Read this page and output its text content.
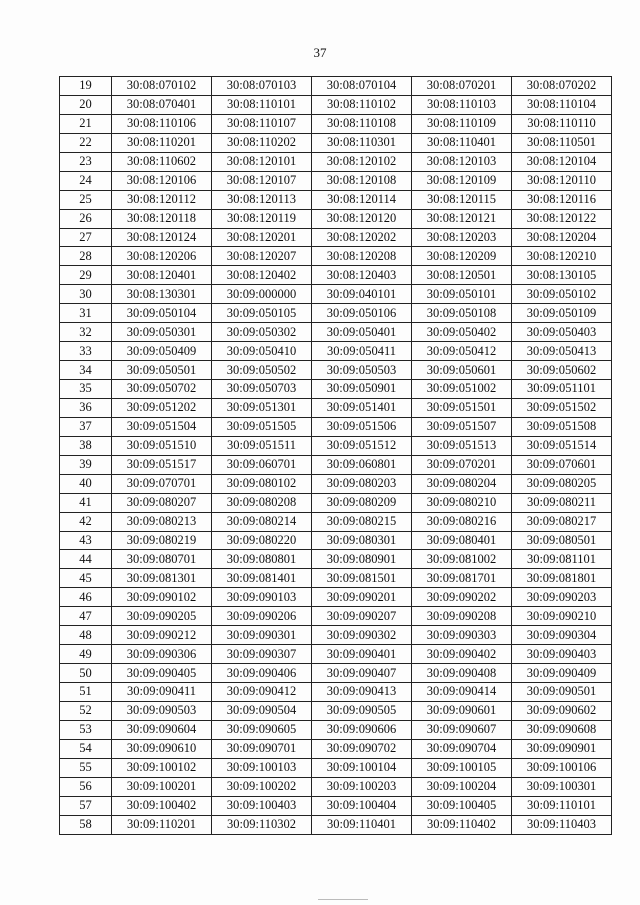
37
19	30:08:070102	30:08:070103	30:08:070104	30:08:070201	30:08:070202
20	30:08:070401	30:08:110101	30:08:110102	30:08:110103	30:08:110104
21	30:08:110106	30:08:110107	30:08:110108	30:08:110109	30:08:110110
22	30:08:110201	30:08:110202	30:08:110301	30:08:110401	30:08:110501
23	30:08:110602	30:08:120101	30:08:120102	30:08:120103	30:08:120104
24	30:08:120106	30:08:120107	30:08:120108	30:08:120109	30:08:120110
25	30:08:120112	30:08:120113	30:08:120114	30:08:120115	30:08:120116
26	30:08:120118	30:08:120119	30:08:120120	30:08:120121	30:08:120122
27	30:08:120124	30:08:120201	30:08:120202	30:08:120203	30:08:120204
28	30:08:120206	30:08:120207	30:08:120208	30:08:120209	30:08:120210
29	30:08:120401	30:08:120402	30:08:120403	30:08:120501	30:08:130105
30	30:08:130301	30:09:000000	30:09:040101	30:09:050101	30:09:050102
31	30:09:050104	30:09:050105	30:09:050106	30:09:050108	30:09:050109
32	30:09:050301	30:09:050302	30:09:050401	30:09:050402	30:09:050403
33	30:09:050409	30:09:050410	30:09:050411	30:09:050412	30:09:050413
34	30:09:050501	30:09:050502	30:09:050503	30:09:050601	30:09:050602
35	30:09:050702	30:09:050703	30:09:050901	30:09:051002	30:09:051101
36	30:09:051202	30:09:051301	30:09:051401	30:09:051501	30:09:051502
37	30:09:051504	30:09:051505	30:09:051506	30:09:051507	30:09:051508
38	30:09:051510	30:09:051511	30:09:051512	30:09:051513	30:09:051514
39	30:09:051517	30:09:060701	30:09:060801	30:09:070201	30:09:070601
40	30:09:070701	30:09:080102	30:09:080203	30:09:080204	30:09:080205
41	30:09:080207	30:09:080208	30:09:080209	30:09:080210	30:09:080211
42	30:09:080213	30:09:080214	30:09:080215	30:09:080216	30:09:080217
43	30:09:080219	30:09:080220	30:09:080301	30:09:080401	30:09:080501
44	30:09:080701	30:09:080801	30:09:080901	30:09:081002	30:09:081101
45	30:09:081301	30:09:081401	30:09:081501	30:09:081701	30:09:081801
46	30:09:090102	30:09:090103	30:09:090201	30:09:090202	30:09:090203
47	30:09:090205	30:09:090206	30:09:090207	30:09:090208	30:09:090210
48	30:09:090212	30:09:090301	30:09:090302	30:09:090303	30:09:090304
49	30:09:090306	30:09:090307	30:09:090401	30:09:090402	30:09:090403
50	30:09:090405	30:09:090406	30:09:090407	30:09:090408	30:09:090409
51	30:09:090411	30:09:090412	30:09:090413	30:09:090414	30:09:090501
52	30:09:090503	30:09:090504	30:09:090505	30:09:090601	30:09:090602
53	30:09:090604	30:09:090605	30:09:090606	30:09:090607	30:09:090608
54	30:09:090610	30:09:090701	30:09:090702	30:09:090704	30:09:090901
55	30:09:100102	30:09:100103	30:09:100104	30:09:100105	30:09:100106
56	30:09:100201	30:09:100202	30:09:100203	30:09:100204	30:09:100301
57	30:09:100402	30:09:100403	30:09:100404	30:09:100405	30:09:110101
58	30:09:110201	30:09:110302	30:09:110401	30:09:110402	30:09:110403
